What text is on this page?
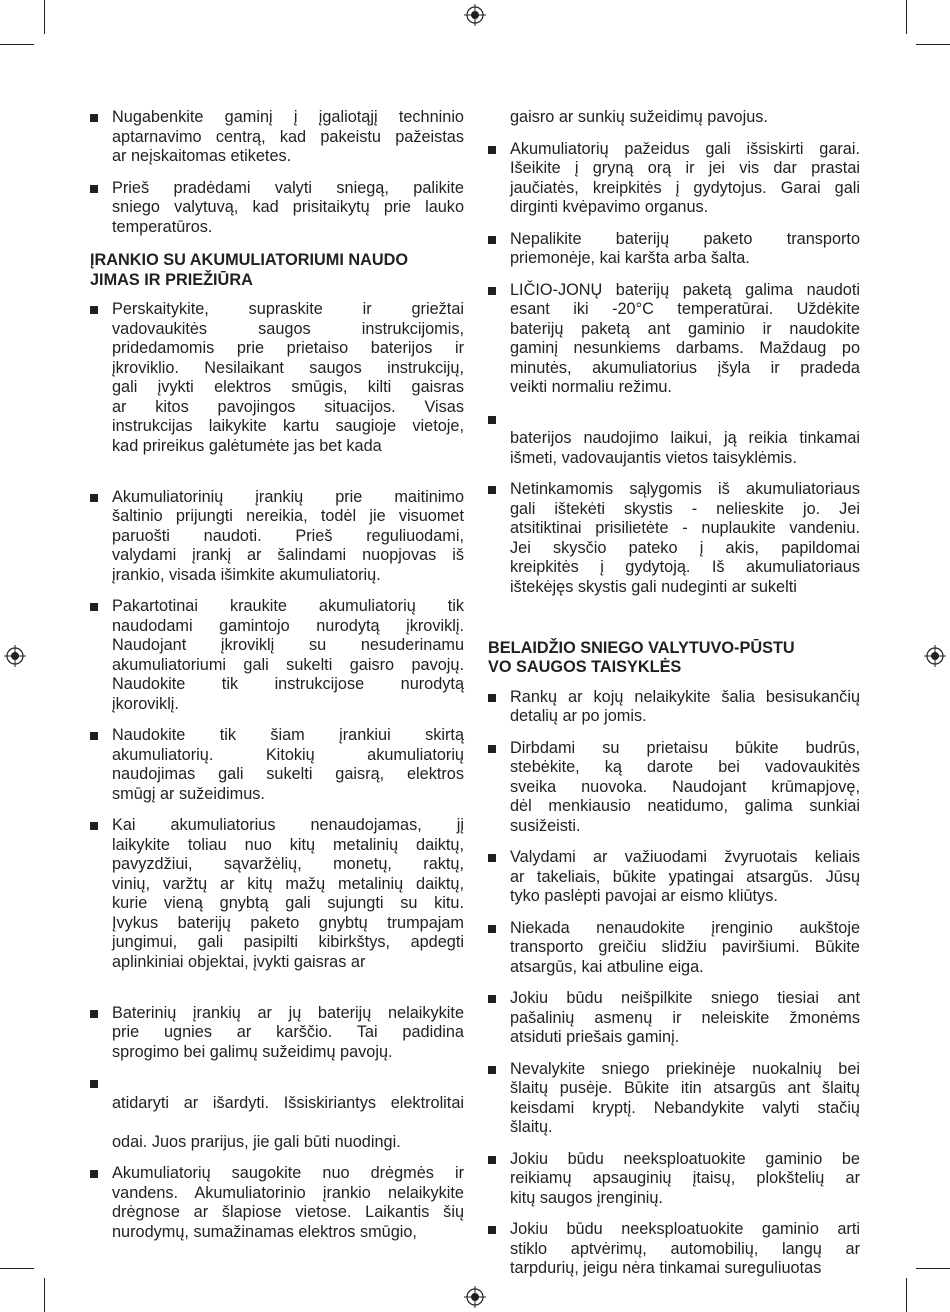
Nugabenkite gaminį į įgaliotąjį techninio
aptarnavimo centrą, kad pakeistu pažeistas
ar neįskaitomas etiketes.
Prieš pradėdami valyti sniegą, palikite
sniego valytuvą, kad prisitaikytų prie lauko
temperatūros.
ĮRANKIO SU AKUMULIATORIUMI NAUDO
JIMAS IR PRIEŽIŪRA
Perskaitykite, supraskite ir griežtai
vadovaukitės saugos instrukcijomis,
pridedamomis prie prietaiso baterijos ir
įkroviklio. Nesilaikant saugos instrukcijų,
gali įvykti elektros smūgis, kilti gaisras
ar kitos pavojingos situacijos. Visas
instrukcijas laikykite kartu saugioje vietoje,
kad prireikus galėtumėte jas bet kada
Akumuliatorinių įrankių prie maitinimo
šaltinio prijungti nereikia, todėl jie visuomet
paruošti naudoti. Prieš reguliuodami,
valydami įrankį ar šalindami nuopjovas iš
įrankio, visada išimkite akumuliatorių.
Pakartotinai kraukite akumuliatorių tik
naudodami gamintojo nurodytą įkroviklį.
Naudojant įkroviklį su nesuderinamu
akumuliatoriumi gali sukelti gaisro pavojų.
Naudokite tik instrukcijose nurodytą
įkoroviklį.
Naudokite tik šiam įrankiui skirtą
akumuliatorių. Kitokių akumuliatorių
naudojimas gali sukelti gaisrą, elektros
smūgį ar sužeidimus.
Kai akumuliatorius nenaudojamas, jį
laikykite toliau nuo kitų metalinių daiktų,
pavyzdžiui, sąvaržėlių, monetų, raktų,
vinių, varžtų ar kitų mažų metalinių daiktų,
kurie vieną gnybtą gali sujungti su kitu.
Įvykus baterijų paketo gnybtų trumpajam
jungimui, gali pasipilti kibirkštys, apdegti
aplinkiniai objektai, įvykti gaisras ar
Baterinių įrankių ar jų baterijų nelaikykite
prie ugnies ar karščio. Tai padidina
sprogimo bei galimų sužeidimų pavojų.
atidaryti ar išardyti. Išsiskiriantys elektrolitai
odai. Juos prarijus, jie gali būti nuodingi.
Akumuliatorių saugokite nuo drėgmės ir
vandens. Akumuliatorinio įrankio nelaikykite
drėgnose ar šlapiose vietose. Laikantis šių
nurodymų, sumažinamas elektros smūgio,
gaisro ar sunkių sužeidimų pavojus.
Akumuliatorių pažeidus gali išsiskirti garai.
Išeikite į gryną orą ir jei vis dar prastai
jaučiatės, kreipkitės į gydytojus. Garai gali
dirginti kvėpavimo organus.
Nepalikite baterijų paketo transporto
priemonėje, kai karšta arba šalta.
LIČIO-JONŲ baterijų paketą galima naudoti
esant iki -20°C temperatūrai. Uždėkite
baterijų paketą ant gaminio ir naudokite
gaminį nesunkiems darbams. Maždaug po
minutės, akumuliatorius įšyla ir pradeda
veikti normaliu režimu.
baterijos naudojimo laikui, ją reikia tinkamai
išmeti, vadovaujantis vietos taisyklėmis.
Netinkamomis sąlygomis iš akumuliatoriaus
gali ištekėti skystis - nelieskite jo. Jei
atsitiktinai prisilietėte - nuplaukite vandeniu.
Jei skysčio pateko į akis, papildomai
kreipkitės į gydytoją. Iš akumuliatoriaus
ištekėjęs skystis gali nudeginti ar sukelti
BELAIDŽIO SNIEGO VALYTUVO-PŪSTU
VO SAUGOS TAISYKLĖS
Rankų ar kojų nelaikykite šalia besisukančių
detalių ar po jomis.
Dirbdami su prietaisu būkite budrūs,
stebėkite, ką darote bei vadovaukitės
sveika nuovoka. Naudojant krūmapjovę,
dėl menkiausio neatidumo, galima sunkiai
susižeisti.
Valydami ar važiuodami žvyruotais keliais
ar takeliais, būkite ypatingai atsargūs. Jūsų
tyko paslėpti pavojai ar eismo kliūtys.
Niekada nenaudokite įrenginio aukštoje
transporto greičiu slidžiu paviršiumi. Būkite
atsargūs, kai atbuline eiga.
Jokiu būdu neišpilkite sniego tiesiai ant
pašalinių asmenų ir neleiskite žmonėms
atsiduti priešais gaminį.
Nevalykite sniego priekinėje nuokalnių bei
šlaitų pusėje. Būkite itin atsargūs ant šlaitų
keisdami kryptį. Nebandykite valyti stačių
šlaitų.
Jokiu būdu neeksploatuokite gaminio be
reikiamų apsauginių įtaisų, plokštelių ar
kitų saugos įrenginių.
Jokiu būdu neeksploatuokite gaminio arti
stiklo aptvėrimų, automobilių, langų ar
tarpdurių, jeigu nėra tinkamai sureguliuotas
